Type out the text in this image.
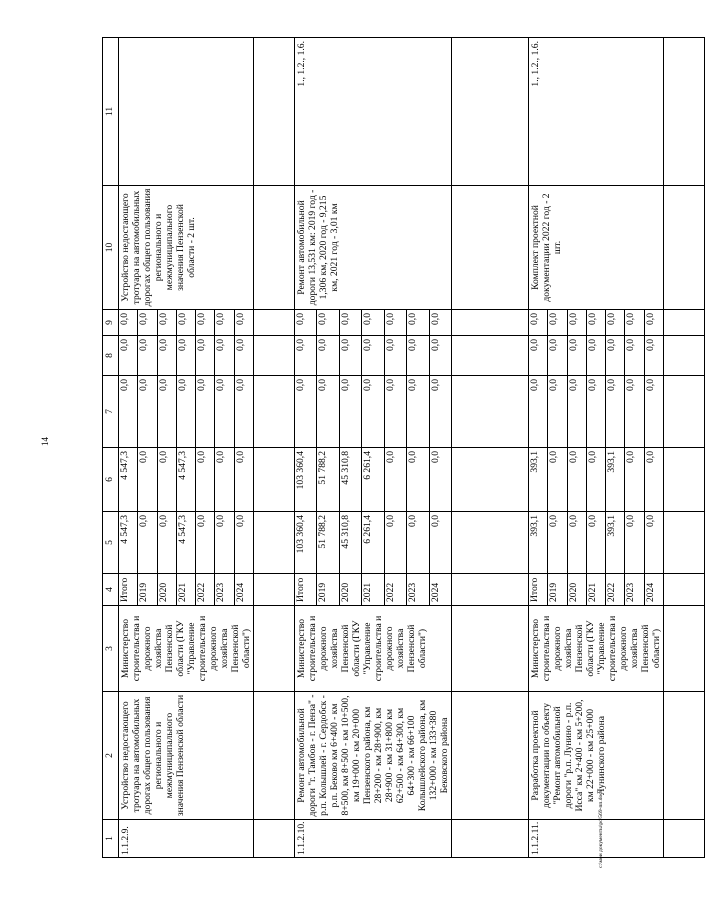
14
c:\мои документы\рd\569-пп.docx
1	2	3	4	5	6	7	8	9	10	11
1.1.2.9.	Устройство недостающего тротуара на автомобильных дорогах общего пользования регионального и межмуниципального значения Пензенской области	Министерство строительства и дорожного хозяйства Пензенской области (ГКУ "Управление строительства и дорожного хозяйства Пензенской области")	Итого	4 547,3	4 547,3	0,0	0,0	0,0	Устройство недостающего тротуара на автомобильных дорогах общего пользования регионального и межмуниципального значения Пензенской области - 2 шт.	
			2019	0,0	0,0	0,0	0,0	0,0		
			2020	0,0	0,0	0,0	0,0	0,0		
			2021	4 547,3	4 547,3	0,0	0,0	0,0		
			2022	0,0	0,0	0,0	0,0	0,0		
			2023	0,0	0,0	0,0	0,0	0,0		
			2024	0,0	0,0	0,0	0,0	0,0		

1.1.2.10.	Ремонт автомобильной дороги "г. Тамбов - г. Пенза" - р.п. Колышлей - г. Сердобск - р.п. Беково км 6+400 - км 8+500, км 8+500 - км 10+500, км 19+000 - км 20+000 Пензенского района, км 28+200 - км 28+900, км 28+900 - км 31+800 км 62+500 - км 64+300, км 64+300 - км 66+100 Колышлейского района, км 132+000 - км 133+380 Бековского района	Министерство строительства и дорожного хозяйства Пензенской области (ГКУ "Управление строительства и дорожного хозяйства Пензенской области")	Итого	103 360,4	103 360,4	0,0	0,0	0,0	Ремонт автомобильной дороги 13,531 км: 2019 год - 1,306 км, 2020 год - 9,215 км, 2021 год - 3,01 км	1., 1.2., 1.6.
			2019	51 788,2	51 788,2	0,0	0,0	0,0		
			2020	45 310,8	45 310,8	0,0	0,0	0,0		
			2021	6 261,4	6 261,4	0,0	0,0	0,0		
			2022	0,0	0,0	0,0	0,0	0,0		
			2023	0,0	0,0	0,0	0,0	0,0		
			2024	0,0	0,0	0,0	0,0	0,0		

1.1.2.11.	Разработка проектной документации по объекту "Ремонт автомобильной дороги "р.п. Лунино - р.п. Исса" км 2+400 - км 5+200, км 22+000 - км 25+000 Лунинского района	Министерство строительства и дорожного хозяйства Пензенской области (ГКУ "Управление строительства и дорожного хозяйства Пензенской области")	Итого	393,1	393,1	0,0	0,0	0,0	Комплект проектной документации 2022 год - 2 шт.	1., 1.2., 1.6.
			2019	0,0	0,0	0,0	0,0	0,0		
			2020	0,0	0,0	0,0	0,0	0,0		
			2021	0,0	0,0	0,0	0,0	0,0		
			2022	393,1	393,1	0,0	0,0	0,0		
			2023	0,0	0,0	0,0	0,0	0,0		
			2024	0,0	0,0	0,0	0,0	0,0		
